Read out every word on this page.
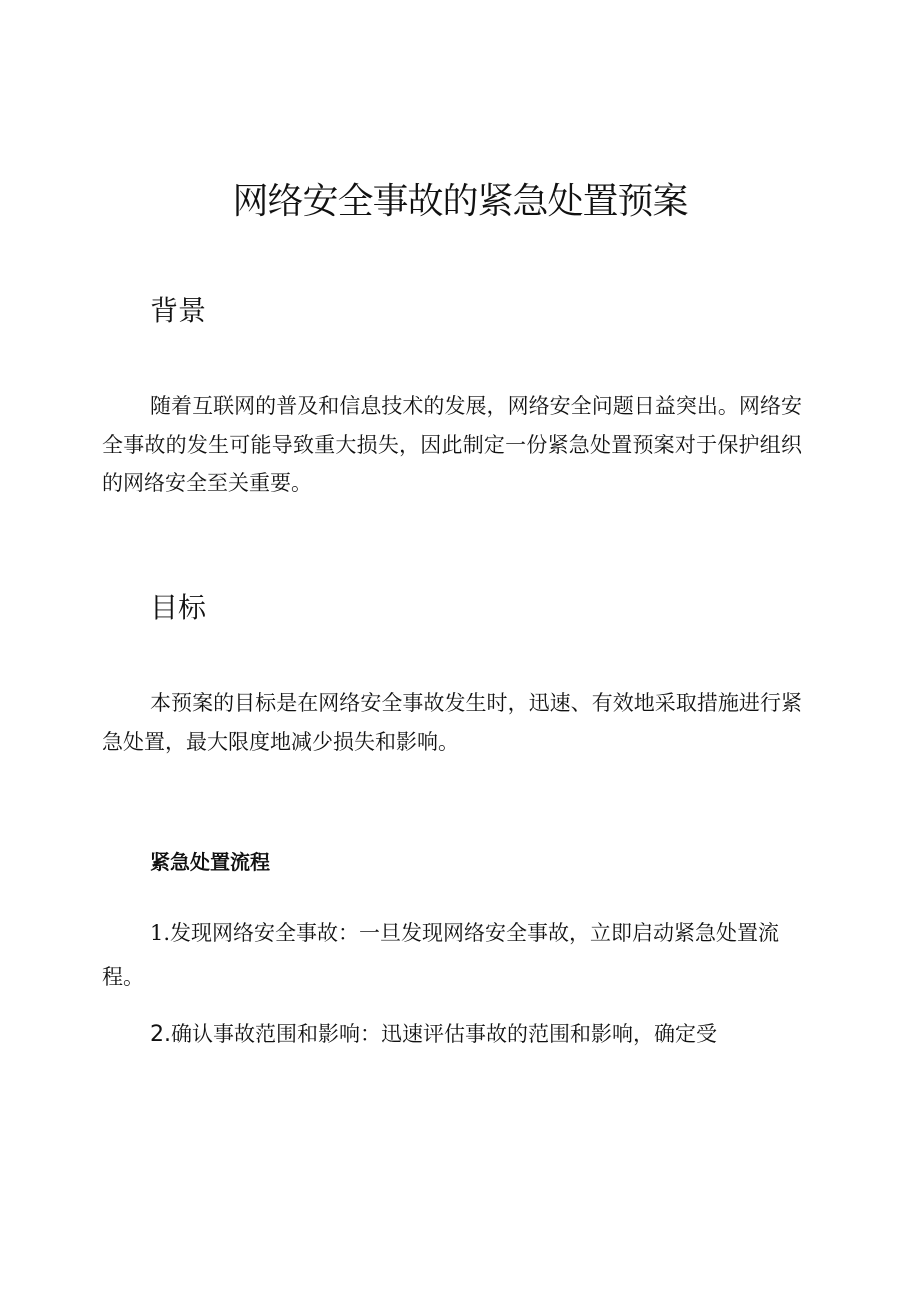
网络安全事故的紧急处置预案
背景

随着互联网的普及和信息技术的发展，网络安全问题日益突出。网络安全事故的发生可能导致重大损失，因此制定一份紧急处置预案对于保护组织的网络安全至关重要。

目标

本预案的目标是在网络安全事故发生时，迅速、有效地采取措施进行紧急处置，最大限度地减少损失和影响。

紧急处置流程

1.发现网络安全事故：一旦发现网络安全事故，立即启动紧急处置流程。

2.确认事故范围和影响：迅速评估事故的范围和影响，确定受
